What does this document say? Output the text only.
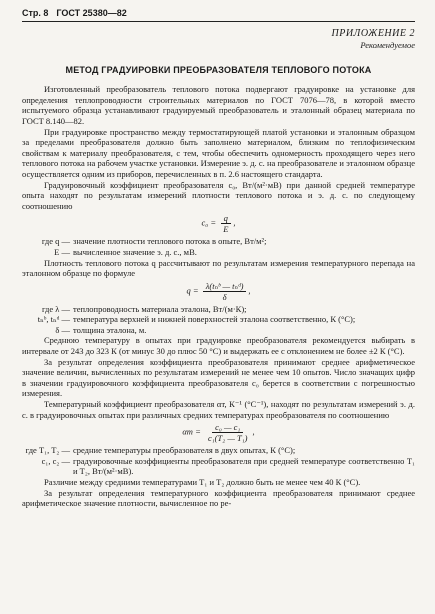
Стр. 8 ГОСТ 25380—82
ПРИЛОЖЕНИЕ 2
Рекомендуемое
МЕТОД ГРАДУИРОВКИ ПРЕОБРАЗОВАТЕЛЯ ТЕПЛОВОГО ПОТОКА

Изготовленный преобразователь теплового потока подвергают градуировке на установке для определения теплопроводности строительных материалов по ГОСТ 7076—78, в которой вместо испытуемого образца устанавливают градуируемый преобразователь и эталонный образец материала по ГОСТ 8.140—82.

При градуировке пространство между термостатирующей платой установки и эталонным образцом за пределами преобразователя должно быть заполнено материалом, близким по теплофизическим свойствам к материалу преобразователя, с тем, чтобы обеспечить одномерность проходящего через него теплового потока на рабочем участке установки. Измерение э. д. с. на преобразователе и эталонном образце осуществляется одним из приборов, перечисленных в п. 2.6 настоящего стандарта.

Градуировочный коэффициент преобразователя c₀, Вт/(м²·мВ) при данной средней температуре опыта находят по результатам измерений плотности теплового потока и э. д. с. по следующему соотношению

$c_0 = \frac{q}{E}$ ,
где q — значение плотности теплового потока в опыте, Вт/м²;
E — вычисленное значение э. д. с., мВ.

Плотность теплового потока q рассчитывают по результатам измерения температурного перепада на эталонном образце по формуле

$q = \frac{\text{λ(tₙᵇ — tₙᵈ)}}{\delta}$ ,
где λ — теплопроводность материала эталона, Вт/(м·К);
tₙᵇ, tₙᵈ — температура верхней и нижней поверхностей эталона соответственно, К (°С);
δ — толщина эталона, м.

Среднюю температуру в опытах при градуировке преобразователя рекомендуется выбирать в интервале от 243 до 323 К (от минус 30 до плюс 50 °С) и выдержать ее с отклонением не более ±2 К (°С).

За результат определения коэффициента преобразователя принимают среднее арифметическое значение величин, вычисленных по результатам измерений не менее чем 10 опытов. Число значащих цифр в значении градуировочного коэффициента преобразователя c₀ берется в соответствии с погрешностью измерения.

Температурный коэффициент преобразователя αт, К⁻¹ (°С⁻¹), находят по результатам измерений э. д. с. в градуировочных опытах при различных средних температурах преобразователя по соотношению

$\alpha т = \frac{\text{c₀ — c₁}}{\text{c₁(T₂ — T₁)}}$ ,
где T₁, T₂ — средние температуры преобразователя в двух опытах, К (°С);
c₁, c₂ — градуировочные коэффициенты преобразователя при средней температуре соответственно T₁ и T₂, Вт/(м²·мВ).

Различие между средними температурами T₁ и T₂ должно быть не менее чем 40 К (°С).

За результат определения температурного коэффициента преобразователя принимают среднее арифметическое значение плотности, вычисленное по ре-
